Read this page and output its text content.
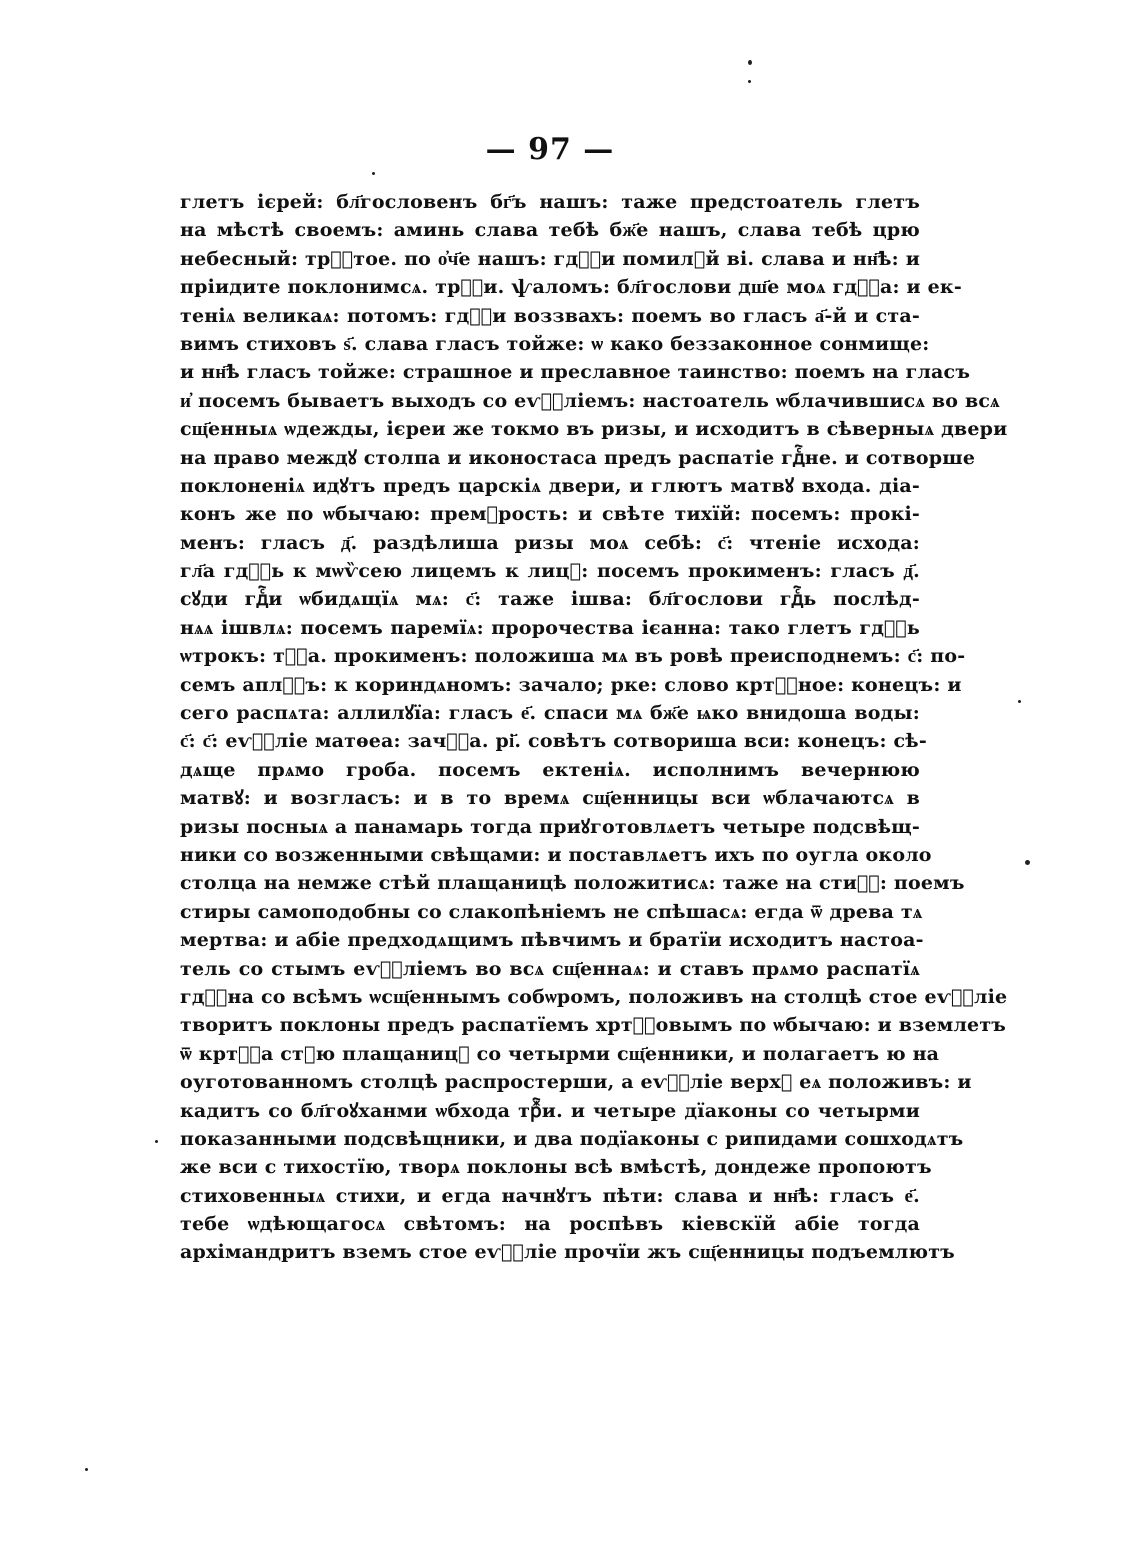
— 97 —
глетъ ієрей: бл҃гословенъ бг҃ъ нашъ: таже предстоатель глетъ
на мѣстѣ своемъ: аминь слава тебѣ бж҃е нашъ, слава тебѣ црю
небесный: трⷭ҇тое. по о҆ч҃е нашъ: гдⷭ҇и помилꙋй ві. слава и нн҃ѣ: и
пріидите поклонимсѧ. трⷤ҇и. ѱаломъ: бл҃гослови дш҃е моѧ гдⷭ҇а: и ек-
теніѧ великаѧ: потомъ: гдⷭ҇и воззвахъ: поемъ во гласъ а҃-й и ста-
вимъ стиховъ ѕ҃. слава гласъ тойже: ѡ како беззаконное сонмище:
и нн҃ѣ гласъ тойже: страшное и преславное таинство: поемъ на гласъ
и҆ посемъ бываетъ выходъ со еѵⷢ҇ліемъ: настоатель ѡблачившисѧ во всѧ
сщ҃енныѧ ѡдежды, ієреи же токмо въ ризы, и исходитъ в сѣверныѧ двери
на право междꙋ столпа и иконостаса предъ распатіе гдⷭ҇не. и сотворше
поклоненіѧ идꙋтъ предъ царскіѧ двери, и глютъ матвꙋ входа. діа-
конъ же по ѡбычаю: премⷣрость: и свѣте тихїй: посемъ: прокі-
менъ: гласъ д҃. раздѣлиша ризы моѧ себѣ: с҃: чтеніе исхода:
гл҃а гдⷭ҇ь к мѡѷсею лицемъ к лицꙋ: посемъ прокименъ: гласъ д҃.
сꙋди гдⷭ҇и ѡбидѧщїѧ мѧ: с҃: таже ішва: бл҃гослови гдⷭ҇ь послѣд-
нѧѧ ішвлѧ: посемъ паремїѧ: пророчества ієанна: тако глетъ гдⷭ҇ь
ѡтрокъ: тⷯ҇а. прокименъ: положиша мѧ въ ровѣ преисподнемъ: с҃: по-
семъ аплⷭ҇ъ: к кориндѧномъ: зачало; рке: слово кртⷭ҇ное: конецъ: и
сего распѧта: аллилꙋїа: гласъ е҃. спаси мѧ бж҃е ѩко внидоша воды:
с҃: с҃: еѵⷢ҇ліе матѳеа: зачⷭ҇а. рі҃. совѣтъ сотвориша вси: конецъ: сѣ-
дѧще прѧмо гроба. посемъ ектеніѧ. исполнимъ вечернюю
матвꙋ: и возгласъ: и в то времѧ сщ҃енницы вси ѡблачаютсѧ в
ризы посныѧ а панамарь тогда приꙋготовлѧетъ четыре подсвѣщ-
ники со возженными свѣщами: и поставлѧетъ ихъ по оугла около
столца на немже стѣй плащаницѣ положитисѧ: таже на стиⷯ҇: поемъ
стиры самоподобны со слакопѣніемъ не спѣшасѧ: егда ѿ древа тѧ
мертва: и абіе предходѧщимъ пѣвчимъ и братїи исходитъ настоа-
тель со стымъ еѵⷢ҇ліемъ во всѧ сщ҃еннаѧ: и ставъ прѧмо распатїѧ
гдⷭ҇на со всѣмъ ѡсщ҃еннымъ собѡромъ, положивъ на столцѣ стое еѵⷢ҇ліе
творитъ поклоны предъ распатїемъ хртⷭ҇овымъ по ѡбычаю: и вземлетъ
ѿ кртⷭ҇а стꙋю плащаницꙋ со четырми сщ҃енники, и полагаетъ ю на
оуготованномъ столцѣ распростерши, а еѵⷢ҇ліе верхꙋ еѧ положивъ: и
кадитъ со бл҃гоꙋханми ѡбхода трⷤ҇и. и четыре дїаконы со четырми
показанными подсвѣщники, и два подїаконы с рипидами сошходѧтъ
же вси с тихостїю, творѧ поклоны всѣ вмѣстѣ, дондеже пропоютъ
стиховенныѧ стихи, и егда начнꙋтъ пѣти: слава и нн҃ѣ: гласъ е҃.
тебе ѡдѣющагосѧ свѣтомъ: на роспѣвъ кіевскїй абіе тогда
архімандритъ вземъ стое еѵⷢ҇ліе прочїи жъ сщ҃енницы подъемлютъ
